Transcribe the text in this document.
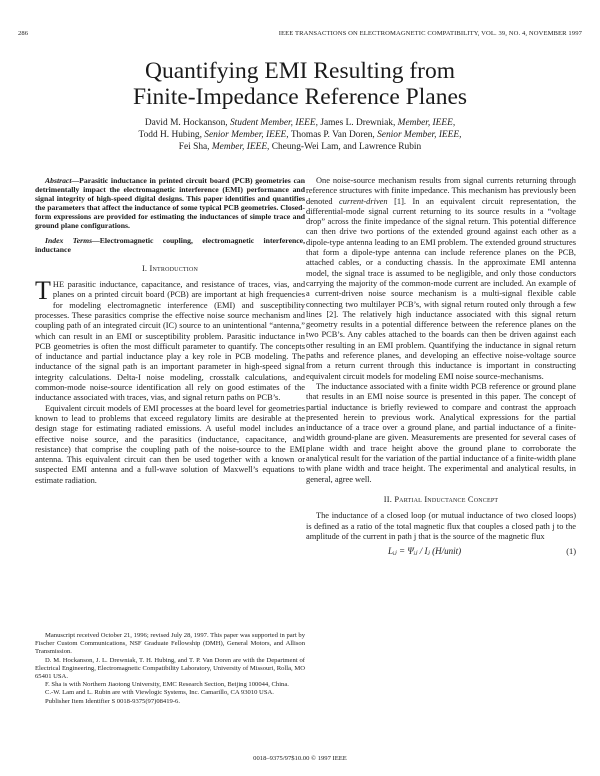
286	IEEE TRANSACTIONS ON ELECTROMAGNETIC COMPATIBILITY, VOL. 39, NO. 4, NOVEMBER 1997
Quantifying EMI Resulting from
Finite-Impedance Reference Planes
David M. Hockanson, Student Member, IEEE, James L. Drewniak, Member, IEEE,
Todd H. Hubing, Senior Member, IEEE, Thomas P. Van Doren, Senior Member, IEEE,
Fei Sha, Member, IEEE, Cheung-Wei Lam, and Lawrence Rubin
Abstract—Parasitic inductance in printed circuit board (PCB) geometries can detrimentally impact the electromagnetic interference (EMI) performance and signal integrity of high-speed digital designs. This paper identifies and quantifies the parameters that affect the inductance of some typical PCB geometries. Closed-form expressions are provided for estimating the inductances of simple trace and ground plane configurations.
Index Terms—Electromagnetic coupling, electromagnetic interference, inductance
I. Introduction

THE parasitic inductance, capacitance, and resistance of traces, vias, and planes on a printed circuit board (PCB) are important at high frequencies for modeling electromagnetic interference (EMI) and susceptibility processes. These parasitics comprise the effective noise source mechanism and coupling path of an integrated circuit (IC) source to an unintentional “antenna,” which can result in an EMI or susceptibility problem. Parasitic inductance in PCB geometries is often the most difficult parameter to quantify. The concepts of inductance and partial inductance play a key role in PCB modeling. The inductance of the signal path is an important parameter in high-speed signal integrity calculations. Delta-I noise modeling, crosstalk calculations, and common-mode noise-source identification all rely on good estimates of the inductance associated with traces, vias, and signal return paths on PCB’s.

Equivalent circuit models of EMI processes at the board level for geometries known to lead to problems that exceed regulatory limits are desirable at the design stage for estimating radiated emissions. A useful model includes an effective noise source, and the parasitics (inductance, capacitance, and resistance) that comprise the coupling path of the noise-source to the EMI antenna. This equivalent circuit can then be used together with a known or suspected EMI antenna and a full-wave solution of Maxwell’s equations to estimate radiation.

Manuscript received October 21, 1996; revised July 28, 1997. This paper was supported in part by Fischer Custom Communications, NSF Graduate Fellowship (DMH), General Motors, and Allison Transmission.

D. M. Hockanson, J. L. Drewniak, T. H. Hubing, and T. P. Van Doren are with the Department of Electrical Engineering, Electromagnetic Compatibility Laboratory, University of Missouri, Rolla, MO 65401 USA.

F. Sha is with Northern Jiaotong University, EMC Research Section, Beijing 100044, China.

C.-W. Lam and L. Rubin are with Viewlogic Systems, Inc. Camarillo, CA 93010 USA.

Publisher Item Identifier S 0018-9375(97)08419-6.

One noise-source mechanism results from signal currents returning through reference structures with finite impedance. This mechanism has previously been denoted current-driven [1]. In an equivalent circuit representation, the differential-mode signal current returning to its source results in a “voltage drop” across the finite impedance of the signal return. This potential difference can then drive two portions of the extended ground against each other as a dipole-type antenna leading to an EMI problem. The extended ground structures that form a dipole-type antenna can include reference planes on the PCB, attached cables, or a conducting chassis. In the approximate EMI antenna model, the signal trace is assumed to be negligible, and only those conductors carrying the majority of the common-mode current are included. An example of a current-driven noise source mechanism is a multi-signal flexible cable connecting two multilayer PCB’s, with signal return routed only through a few lines [2]. The relatively high inductance associated with this signal return geometry results in a potential difference between the reference planes on the two PCB’s. Any cables attached to the boards can then be driven against each other resulting in an EMI problem. Quantifying the inductance in signal return paths and reference planes, and developing an effective noise-voltage source from a return current through this inductance is important in constructing equivalent circuit models for modeling EMI noise source-mechanisms.

The inductance associated with a finite width PCB reference or ground plane that results in an EMI noise source is presented in this paper. The concept of partial inductance is briefly reviewed to compare and contrast the approach presented herein to previous work. Analytical expressions for the partial inductance of a trace over a ground plane, and partial inductance of a finite-width ground-plane are given. Measurements are presented for several cases of plane width and trace height above the ground plane to corroborate the analytical result for the variation of the partial inductance of a finite-width plane with plane width and trace height. The experimental and analytical results, in general, agree well.

II. Partial Inductance Concept

The inductance of a closed loop (or mutual inductance of two closed loops) is defined as a ratio of the total magnetic flux that couples a closed path j to the amplitude of the current in path j that is the source of the magnetic flux

Lᵢⱼ = Ψᵢⱼ / Iⱼ (H/unit)	(1)
0018–9375/97$10.00 © 1997 IEEE
